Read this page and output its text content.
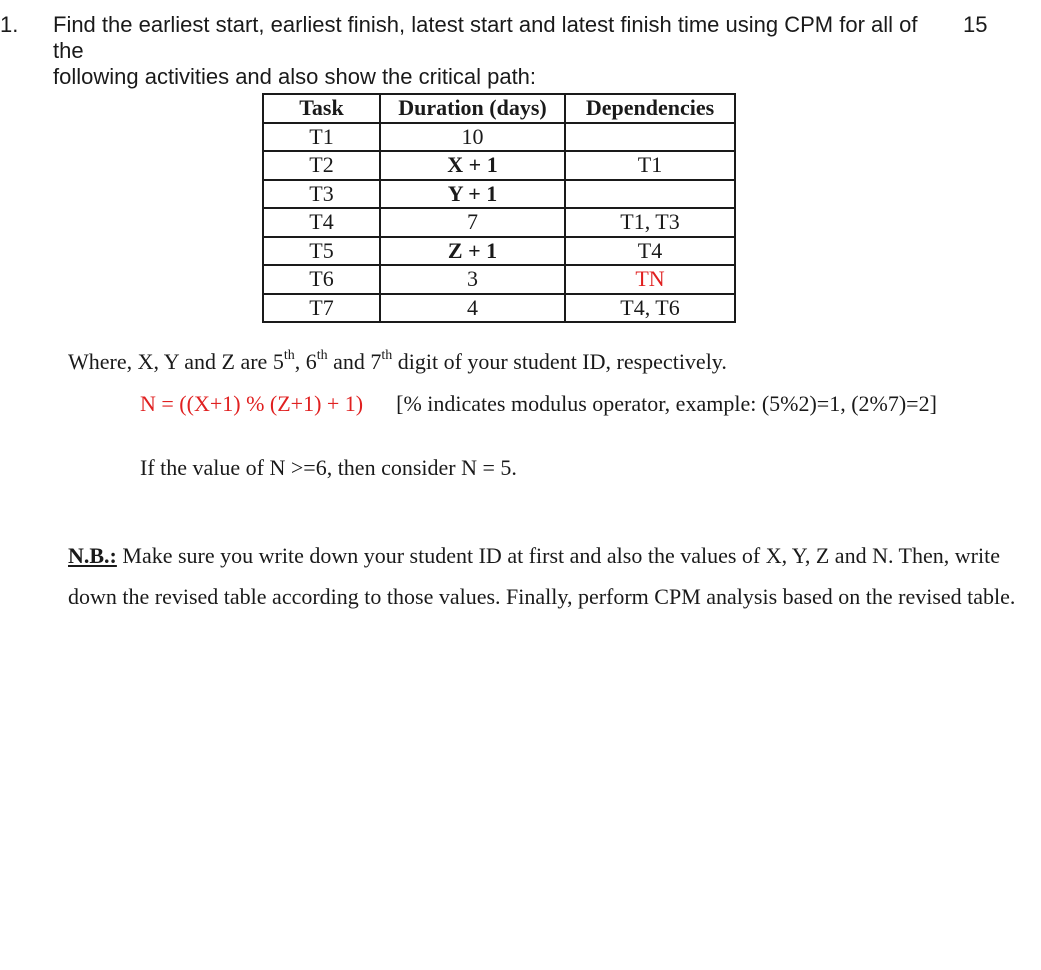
1. Find the earliest start, earliest finish, latest start and latest finish time using CPM for all of the
following activities and also show the critical path:
15
Task	Duration (days)	Dependencies
T1	10	
T2	X + 1	T1
T3	Y + 1	
T4	7	T1, T3
T5	Z + 1	T4
T6	3	TN
T7	4	T4, T6
Where, X, Y and Z are 5th, 6th and 7th digit of your student ID, respectively.
N = ((X+1) % (Z+1) + 1) [% indicates modulus operator, example: (5%2)=1, (2%7)=2]
If the value of N >=6, then consider N = 5.
N.B.: Make sure you write down your student ID at first and also the values of X, Y, Z and N. Then, write down the revised table according to those values. Finally, perform CPM analysis based on the revised table.
